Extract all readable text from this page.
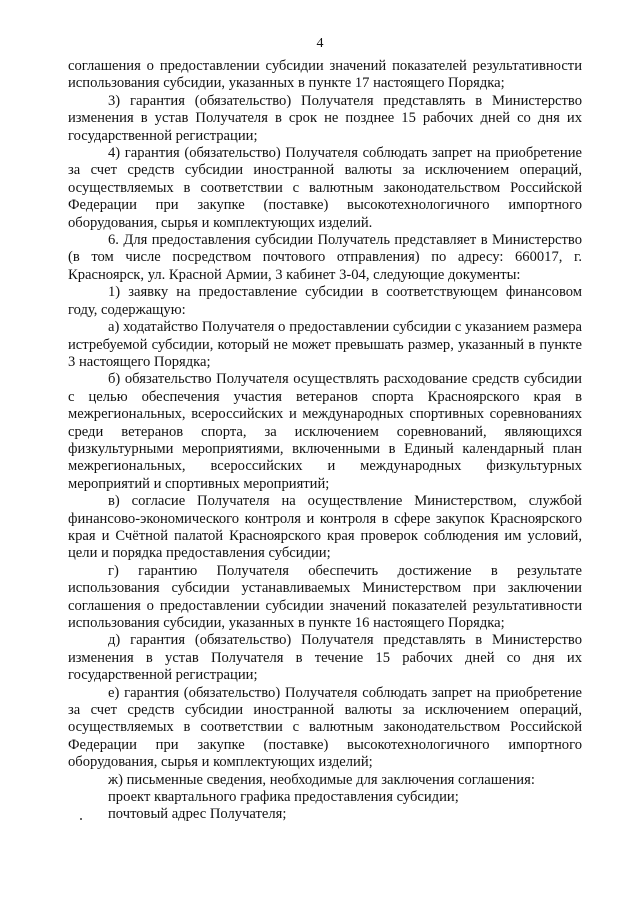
4

соглашения о предоставлении субсидии значений показателей результативности использования субсидии, указанных в пункте 17 настоящего Порядка;

3) гарантия (обязательство) Получателя представлять в Министерство изменения в устав Получателя в срок не позднее 15 рабочих дней со дня их государственной регистрации;

4) гарантия (обязательство) Получателя соблюдать запрет на приобретение за счет средств субсидии иностранной валюты за исключением операций, осуществляемых в соответствии с валютным законодательством Российской Федерации при закупке (поставке) высокотехнологичного импортного оборудования, сырья и комплектующих изделий.

6. Для предоставления субсидии Получатель представляет в Министерство (в том числе посредством почтового отправления) по адресу: 660017, г. Красноярск, ул. Красной Армии, 3 кабинет 3-04, следующие документы:

1) заявку на предоставление субсидии в соответствующем финансовом году, содержащую:

а) ходатайство Получателя о предоставлении субсидии с указанием размера истребуемой субсидии, который не может превышать размер, указанный в пункте 3 настоящего Порядка;

б) обязательство Получателя осуществлять расходование средств субсидии с целью обеспечения участия ветеранов спорта Красноярского края в межрегиональных, всероссийских и международных спортивных соревнованиях среди ветеранов спорта, за исключением соревнований, являющихся физкультурными мероприятиями, включенными в Единый календарный план межрегиональных, всероссийских и международных физкультурных мероприятий и спортивных мероприятий;

в) согласие Получателя на осуществление Министерством, службой финансово-экономического контроля и контроля в сфере закупок Красноярского края и Счётной палатой Красноярского края проверок соблюдения им условий, цели и порядка предоставления субсидии;

г) гарантию Получателя обеспечить достижение в результате использования субсидии устанавливаемых Министерством при заключении соглашения о предоставлении субсидии значений показателей результативности использования субсидии, указанных в пункте 16 настоящего Порядка;

д) гарантия (обязательство) Получателя представлять в Министерство изменения в устав Получателя в течение 15 рабочих дней со дня их государственной регистрации;

е) гарантия (обязательство) Получателя соблюдать запрет на приобретение за счет средств субсидии иностранной валюты за исключением операций, осуществляемых в соответствии с валютным законодательством Российской Федерации при закупке (поставке) высокотехнологичного импортного оборудования, сырья и комплектующих изделий;

ж) письменные сведения, необходимые для заключения соглашения:

проект квартального графика предоставления субсидии;

почтовый адрес Получателя;
